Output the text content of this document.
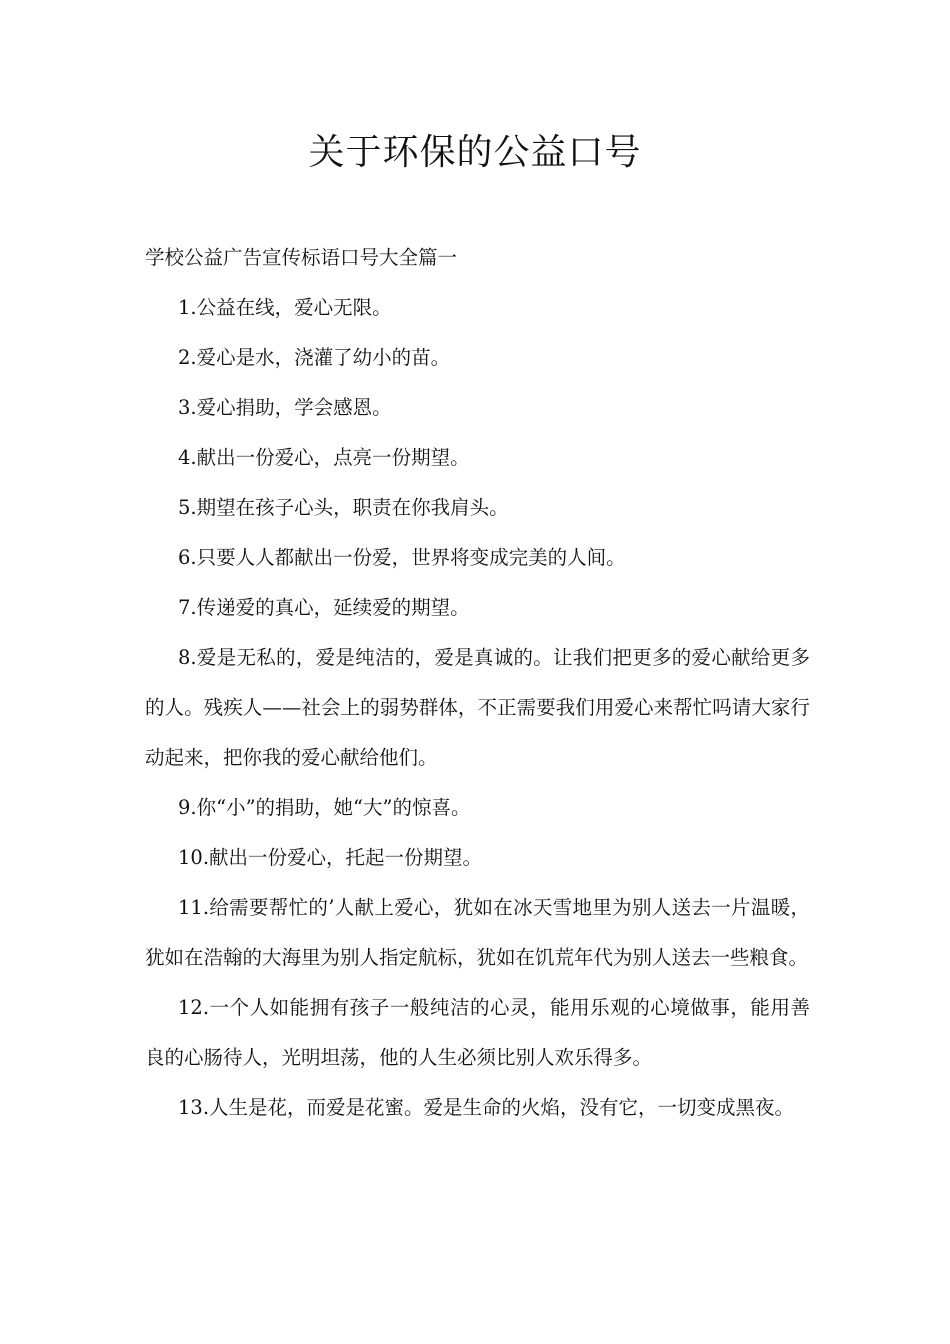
关于环保的公益口号

学校公益广告宣传标语口号大全篇一

1.公益在线，爱心无限。

2.爱心是水，浇灌了幼小的苗。

3.爱心捐助，学会感恩。

4.献出一份爱心，点亮一份期望。

5.期望在孩子心头，职责在你我肩头。

6.只要人人都献出一份爱，世界将变成完美的人间。

7.传递爱的真心，延续爱的期望。

8.爱是无私的，爱是纯洁的，爱是真诚的。让我们把更多的爱心献给更多的人。残疾人——社会上的弱势群体，不正需要我们用爱心来帮忙吗请大家行动起来，把你我的爱心献给他们。

9.你“小”的捐助，她“大”的惊喜。

10.献出一份爱心，托起一份期望。

11.给需要帮忙的’人献上爱心，犹如在冰天雪地里为别人送去一片温暖，犹如在浩翰的大海里为别人指定航标，犹如在饥荒年代为别人送去一些粮食。

12.一个人如能拥有孩子一般纯洁的心灵，能用乐观的心境做事，能用善良的心肠待人，光明坦荡，他的人生必须比别人欢乐得多。

13.人生是花，而爱是花蜜。爱是生命的火焰，没有它，一切变成黑夜。
